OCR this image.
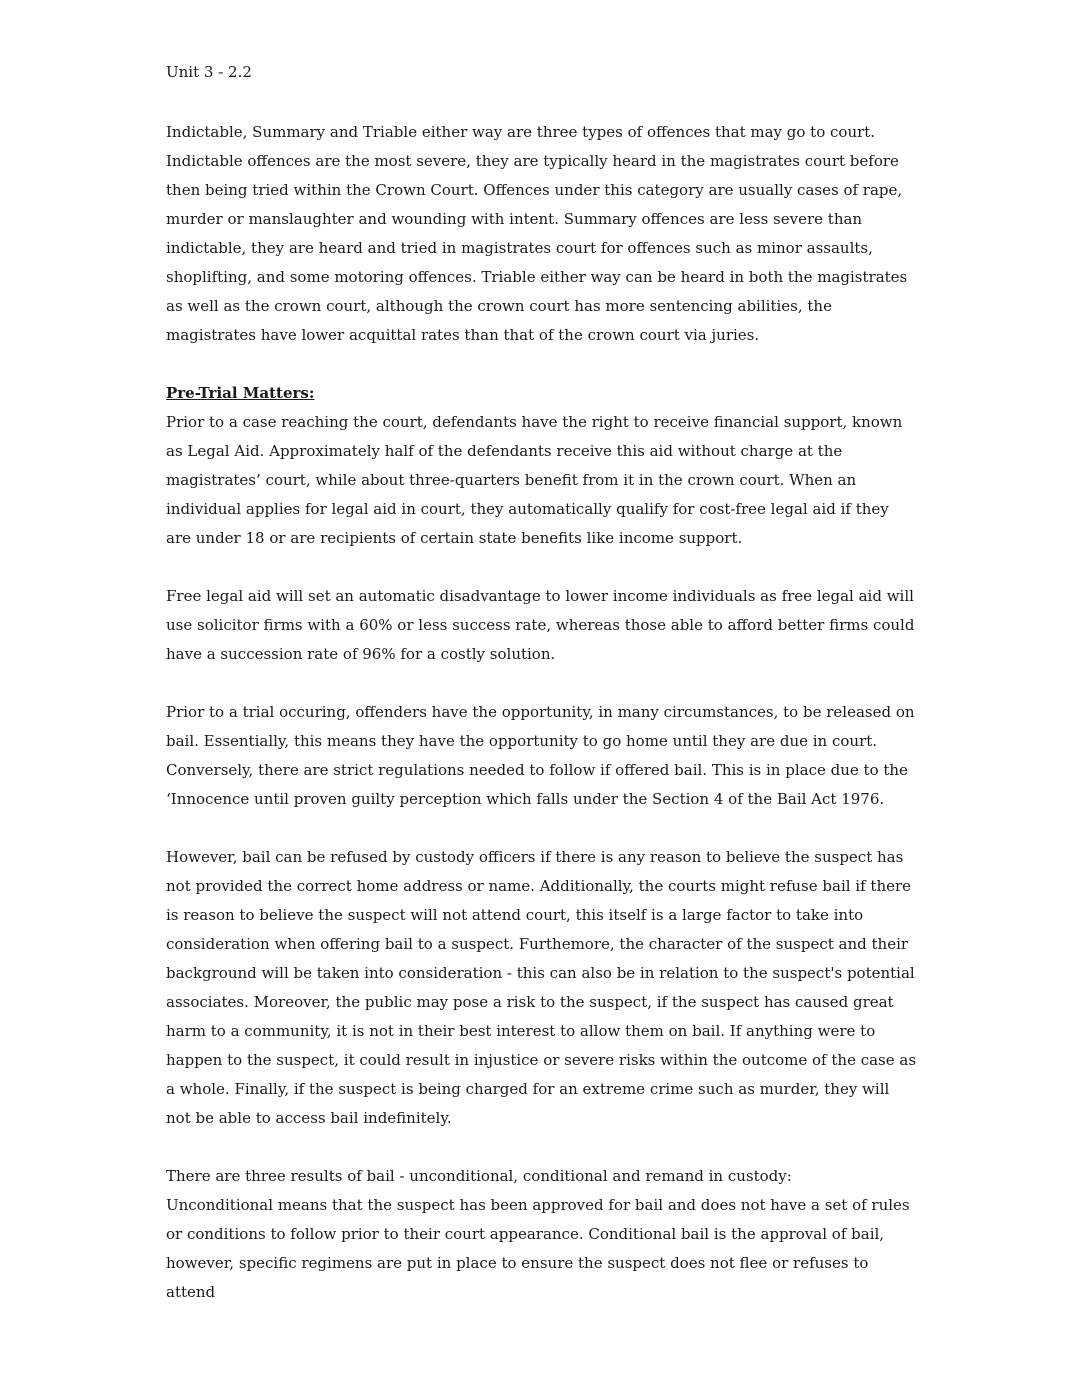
Unit 3 - 2.2

Indictable, Summary and Triable either way are three types of offences that may go to court. Indictable offences are the most severe, they are typically heard in the magistrates court before then being tried within the Crown Court. Offences under this category are usually cases of rape, murder or manslaughter and wounding with intent. Summary offences are less severe than indictable, they are heard and tried in magistrates court for offences such as minor assaults, shoplifting, and some motoring offences. Triable either way can be heard in both the magistrates as well as the crown court, although the crown court has more sentencing abilities, the magistrates have lower acquittal rates than that of the crown court via juries.

Pre-Trial Matters:

Prior to a case reaching the court, defendants have the right to receive financial support, known as Legal Aid. Approximately half of the defendants receive this aid without charge at the magistrates’ court, while about three-quarters benefit from it in the crown court. When an individual applies for legal aid in court, they automatically qualify for cost-free legal aid if they are under 18 or are recipients of certain state benefits like income support.

Free legal aid will set an automatic disadvantage to lower income individuals as free legal aid will use solicitor firms with a 60% or less success rate, whereas those able to afford better firms could have a succession rate of 96% for a costly solution.

Prior to a trial occuring, offenders have the opportunity, in many circumstances, to be released on bail. Essentially, this means they have the opportunity to go home until they are due in court. Conversely, there are strict regulations needed to follow if offered bail. This is in place due to the ‘Innocence until proven guilty perception which falls under the Section 4 of the Bail Act 1976.

However, bail can be refused by custody officers if there is any reason to believe the suspect has not provided the correct home address or name. Additionally, the courts might refuse bail if there is reason to believe the suspect will not attend court, this itself is a large factor to take into consideration when offering bail to a suspect. Furthemore, the character of the suspect and their background will be taken into consideration - this can also be in relation to the suspect's potential associates. Moreover, the public may pose a risk to the suspect, if the suspect has caused great harm to a community, it is not in their best interest to allow them on bail. If anything were to happen to the suspect, it could result in injustice or severe risks within the outcome of the case as a whole. Finally, if the suspect is being charged for an extreme crime such as murder, they will not be able to access bail indefinitely.

There are three results of bail - unconditional, conditional and remand in custody:

Unconditional means that the suspect has been approved for bail and does not have a set of rules or conditions to follow prior to their court appearance. Conditional bail is the approval of bail, however, specific regimens are put in place to ensure the suspect does not flee or refuses to attend
